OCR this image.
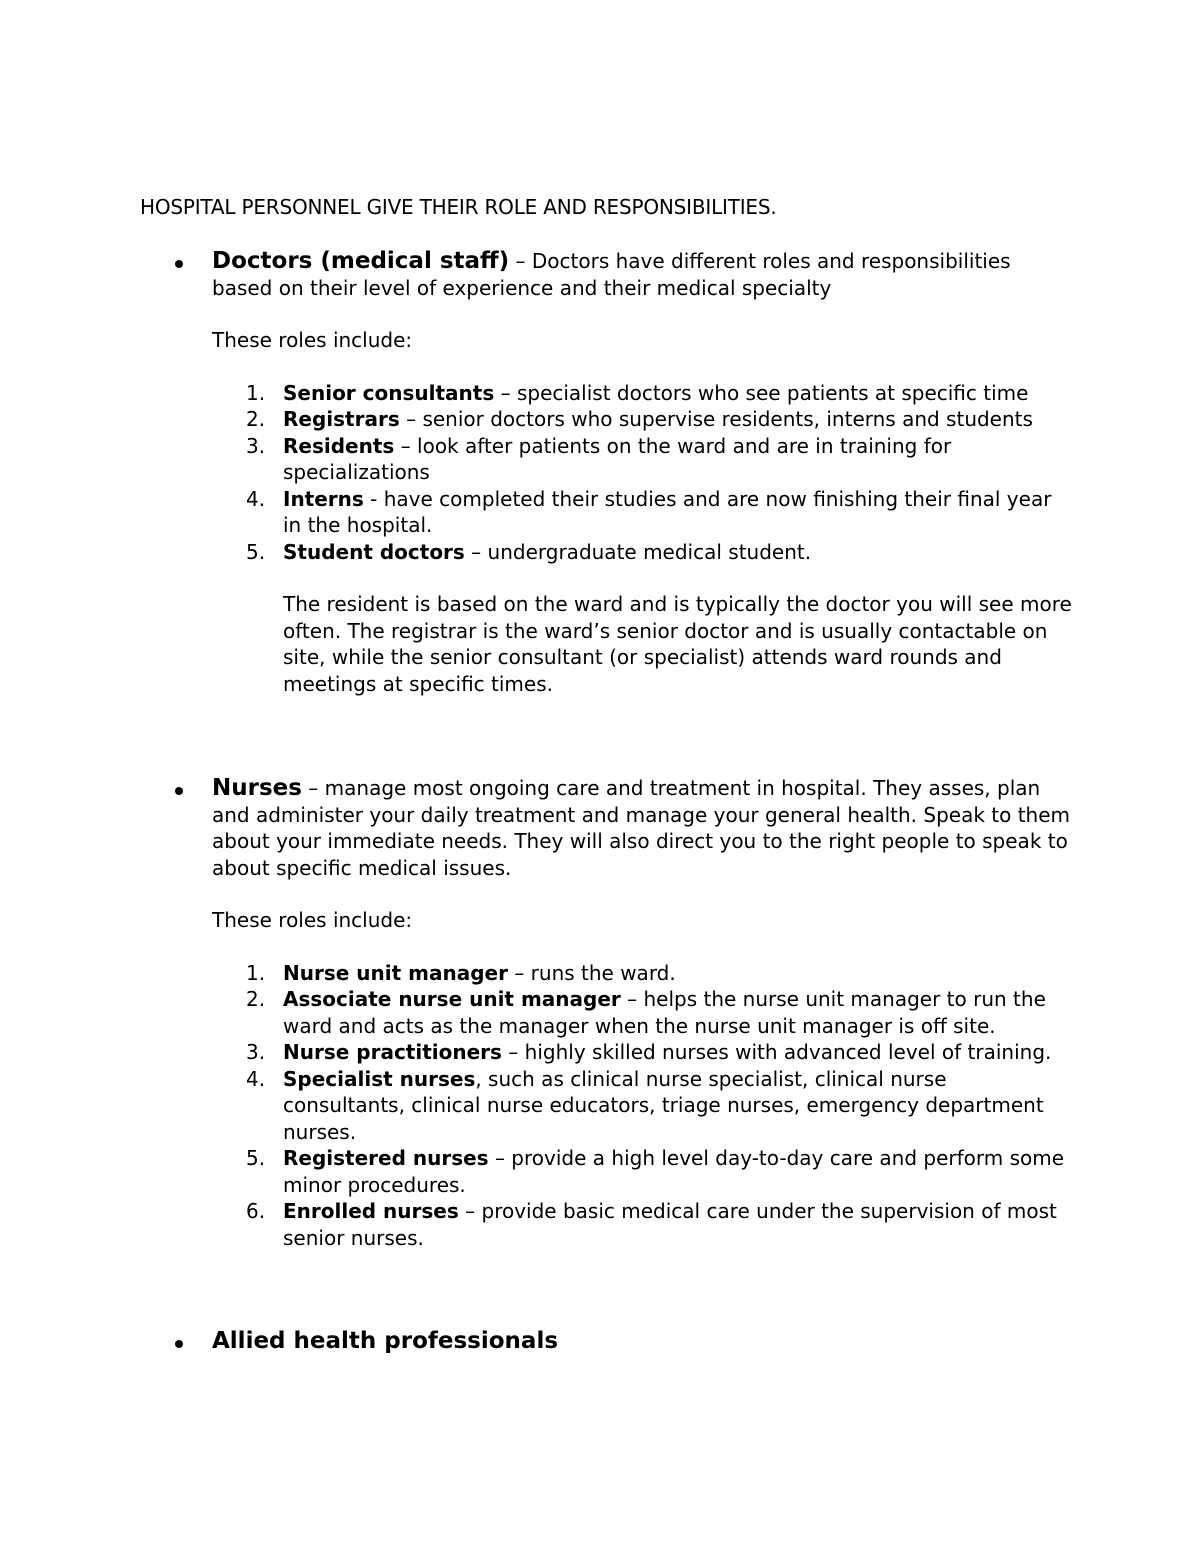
HOSPITAL PERSONNEL GIVE THEIR ROLE AND RESPONSIBILITIES.

Doctors (medical staff) – Doctors have different roles and responsibilities based on their level of experience and their medical specialty

These roles include:

1. Senior consultants – specialist doctors who see patients at specific time
2. Registrars – senior doctors who supervise residents, interns and students
3. Residents – look after patients on the ward and are in training for specializations
4. Interns - have completed their studies and are now finishing their final year in the hospital.
5. Student doctors – undergraduate medical student.

The resident is based on the ward and is typically the doctor you will see more often. The registrar is the ward’s senior doctor and is usually contactable on site, while the senior consultant (or specialist) attends ward rounds and meetings at specific times.

Nurses – manage most ongoing care and treatment in hospital. They asses, plan and administer your daily treatment and manage your general health. Speak to them about your immediate needs. They will also direct you to the right people to speak to about specific medical issues.

These roles include:

1. Nurse unit manager – runs the ward.
2. Associate nurse unit manager – helps the nurse unit manager to run the ward and acts as the manager when the nurse unit manager is off site.
3. Nurse practitioners – highly skilled nurses with advanced level of training.
4. Specialist nurses, such as clinical nurse specialist, clinical nurse consultants, clinical nurse educators, triage nurses, emergency department nurses.
5. Registered nurses – provide a high level day-to-day care and perform some minor procedures.
6. Enrolled nurses – provide basic medical care under the supervision of most senior nurses.

Allied health professionals
